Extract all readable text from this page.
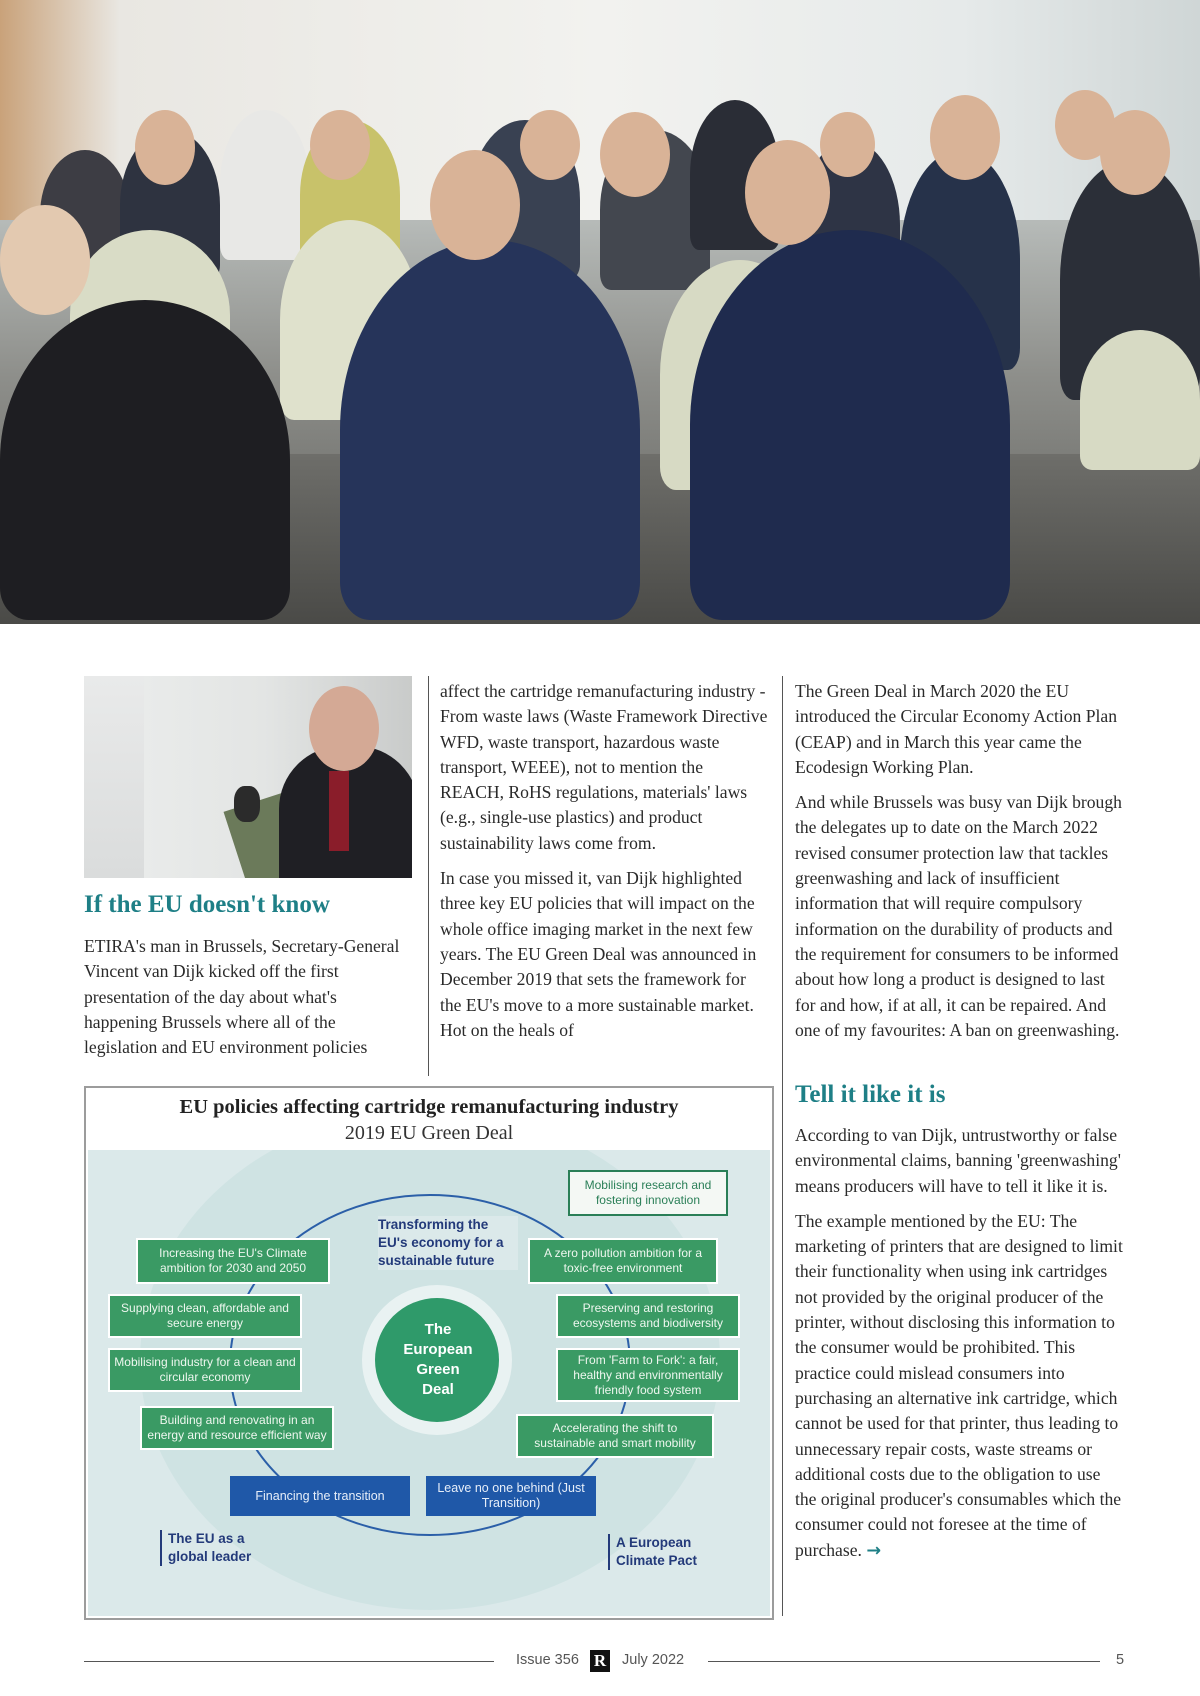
If the EU doesn't know

ETIRA's man in Brussels, Secretary-General Vincent van Dijk kicked off the first presentation of the day about what's happening Brussels where all of the legislation and EU environment policies

affect the cartridge remanufacturing industry - From waste laws (Waste Framework Directive WFD, waste transport, hazardous waste transport, WEEE), not to mention the REACH, RoHS regulations, materials' laws (e.g., single-use plastics) and product sustainability laws come from.

In case you missed it, van Dijk highlighted three key EU policies that will impact on the whole office imaging market in the next few years. The EU Green Deal was announced in December 2019 that sets the framework for the EU's move to a more sustainable market. Hot on the heals of

The Green Deal in March 2020 the EU introduced the Circular Economy Action Plan (CEAP) and in March this year came the Ecodesign Working Plan.

And while Brussels was busy van Dijk brough the delegates up to date on the March 2022 revised consumer protection law that tackles greenwashing and lack of insufficient information that will require compulsory information on the durability of products and the requirement for consumers to be informed about how long a product is designed to last for and how, if at all, it can be repaired. And one of my favourites: A ban on greenwashing.

Tell it like it is

According to van Dijk, untrustworthy or false environmental claims, banning 'greenwashing' means producers will have to tell it like it is.

The example mentioned by the EU: The marketing of printers that are designed to limit their functionality when using ink cartridges not provided by the original producer of the printer, without disclosing this information to the consumer would be prohibited. This practice could mislead consumers into purchasing an alternative ink cartridge, which cannot be used for that printer, thus leading to unnecessary repair costs, waste streams or additional costs due to the obligation to use the original producer's consumables which the consumer could not foresee at the time of purchase. →

EU policies affecting cartridge remanufacturing industry
2019 EU Green Deal
The
European
Green
Deal
Transforming the EU's economy for a sustainable future
Mobilising research and fostering innovation
Increasing the EU's Climate ambition for 2030 and 2050
Supplying clean, affordable and secure energy
Mobilising industry for a clean and circular economy
Building and renovating in an energy and resource efficient way
A zero pollution ambition for a toxic-free environment
Preserving and restoring ecosystems and biodiversity
From 'Farm to Fork': a fair, healthy and environmentally friendly food system
Accelerating the shift to sustainable and smart mobility
Financing the transition
Leave no one behind (Just Transition)
The EU as a global leader
A European Climate Pact
Issue 356 R July 2022	5
